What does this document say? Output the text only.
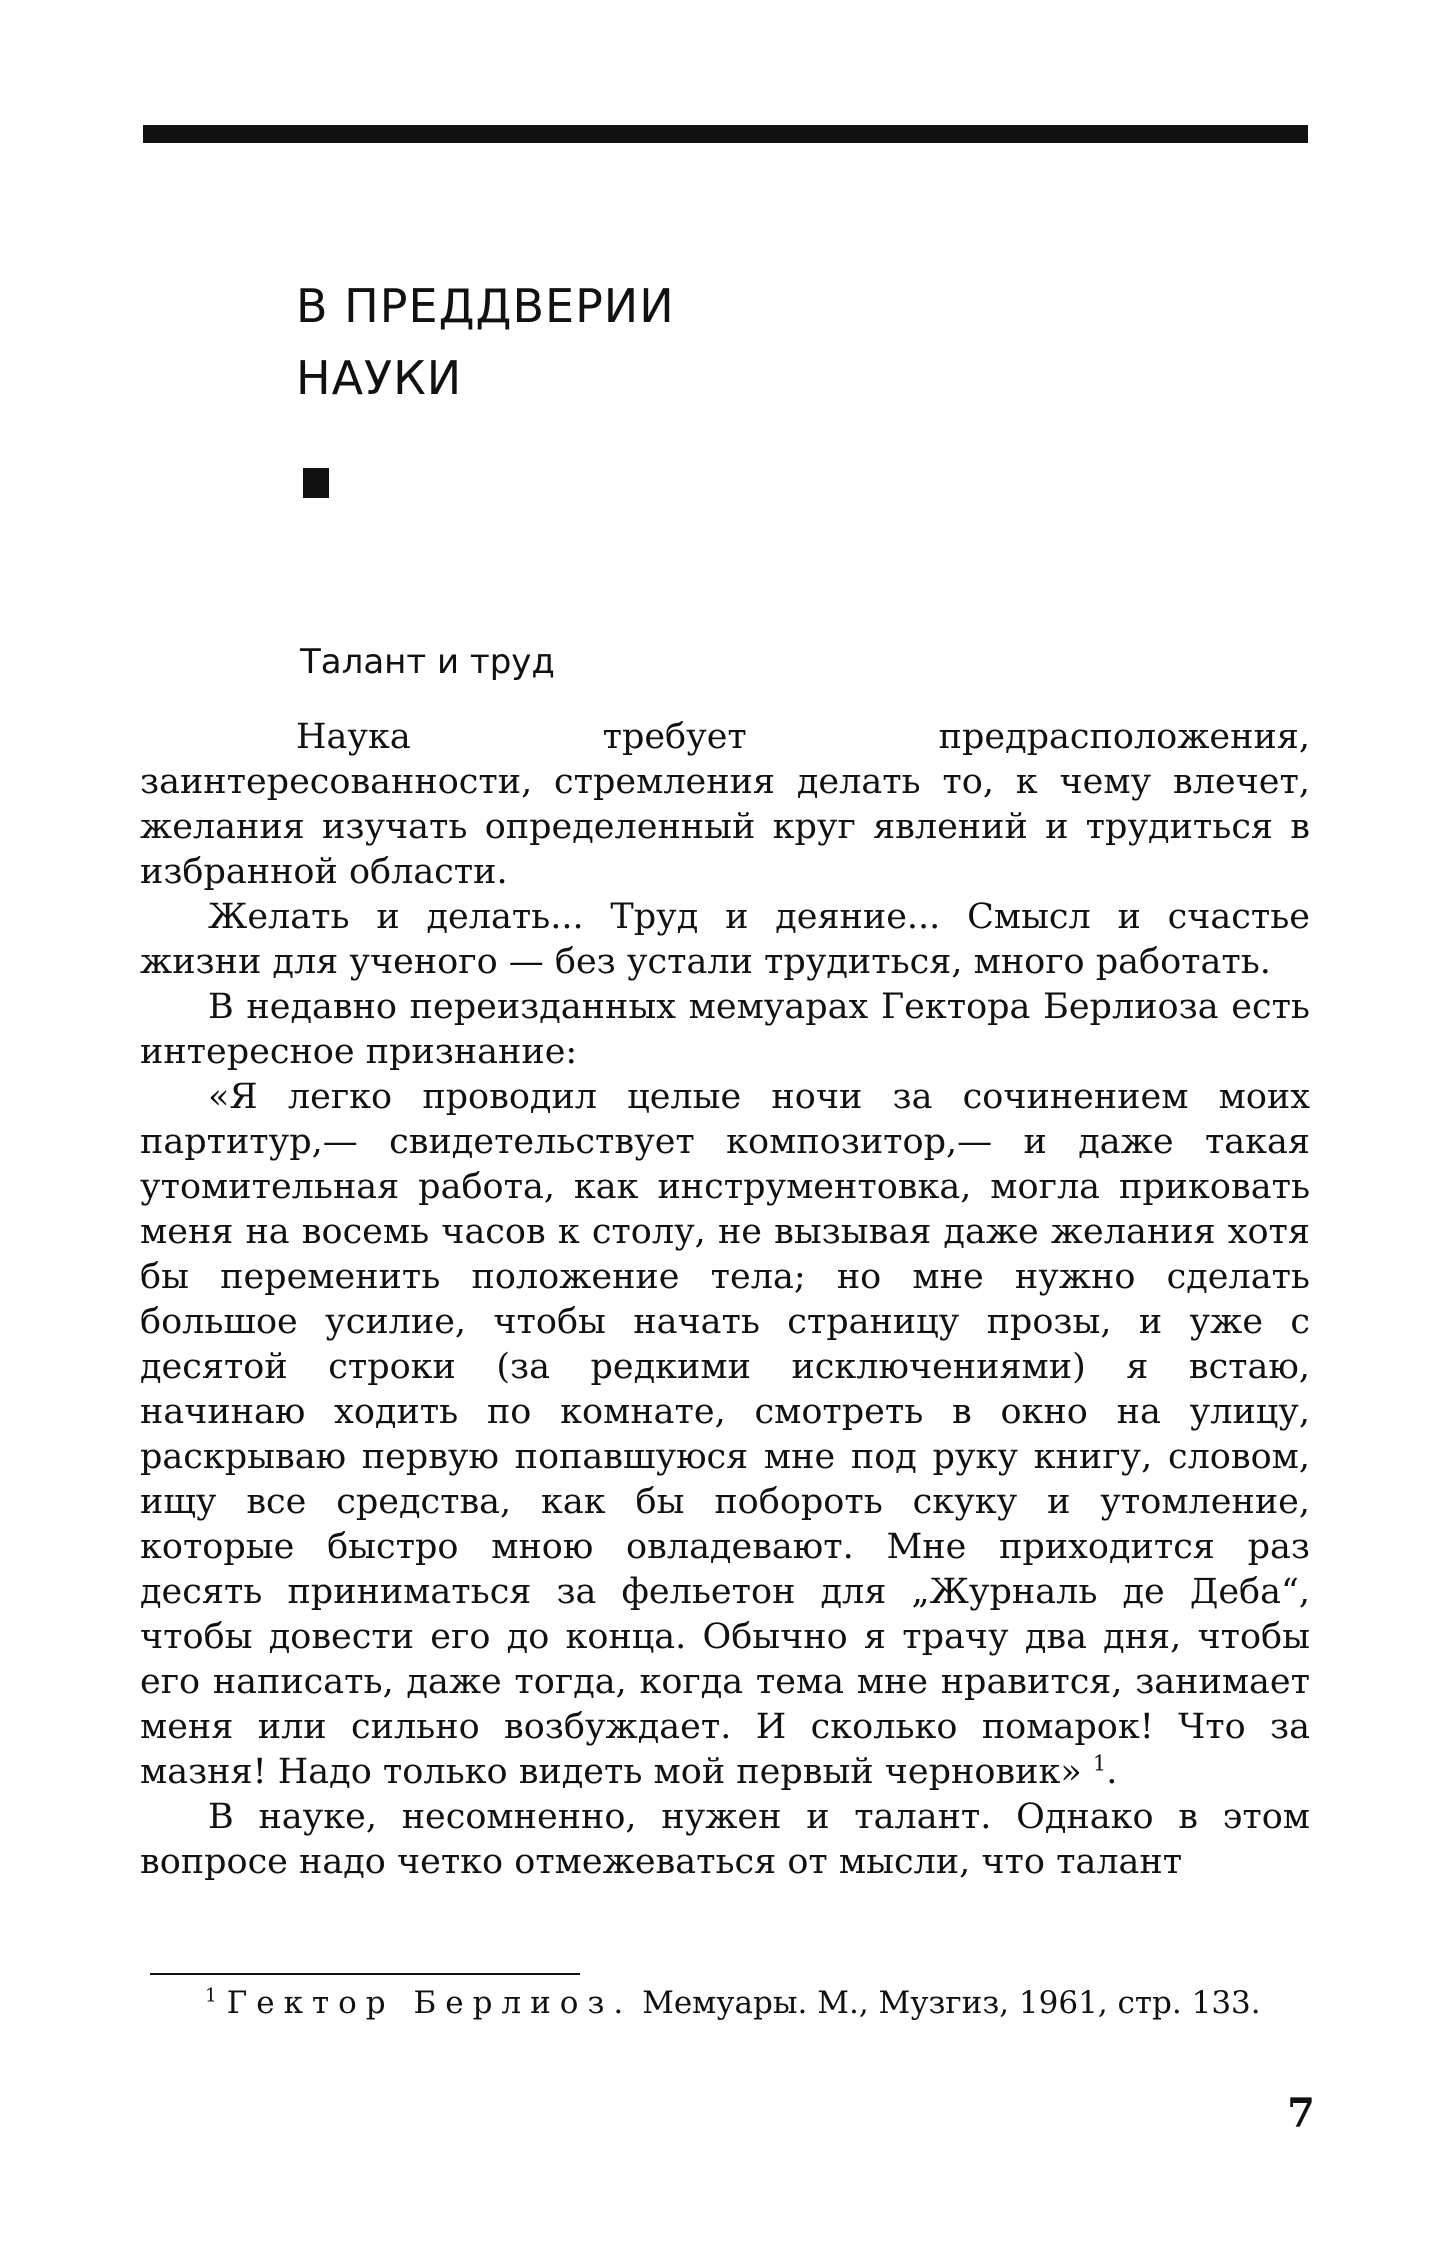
В ПРЕДДВЕРИИ
НАУКИ
Талант и труд

Наука требует предрасположения, заинтересованности, стремления делать то, к чему влечет, желания изучать определенный круг явлений и трудиться в избранной области.

Желать и делать... Труд и деяние... Смысл и счастье жизни для ученого — без устали трудиться, много работать.

В недавно переизданных мемуарах Гектора Берлиоза есть интересное признание:

«Я легко проводил целые ночи за сочинением моих партитур,— свидетельствует композитор,— и даже такая утомительная работа, как инструментовка, могла приковать меня на восемь часов к столу, не вызывая даже желания хотя бы переменить положение тела; но мне нужно сделать большое усилие, чтобы начать страницу прозы, и уже с десятой строки (за редкими исключениями) я встаю, начинаю ходить по комнате, смотреть в окно на улицу, раскрываю первую попавшуюся мне под руку книгу, словом, ищу все средства, как бы побороть скуку и утомление, которые быстро мною овладевают. Мне приходится раз десять приниматься за фельетон для „Журналь де Деба“, чтобы довести его до конца. Обычно я трачу два дня, чтобы его написать, даже тогда, когда тема мне нравится, занимает меня или сильно возбуждает. И сколько помарок! Что за мазня! Надо только видеть мой первый черновик» $^1$.

В науке, несомненно, нужен и талант. Однако в этом вопросе надо четко отмежеваться от мысли, что талант

$^1$ Гектор Берлиоз. Мемуары. М., Музгиз, 1961, стр. 133.
7
